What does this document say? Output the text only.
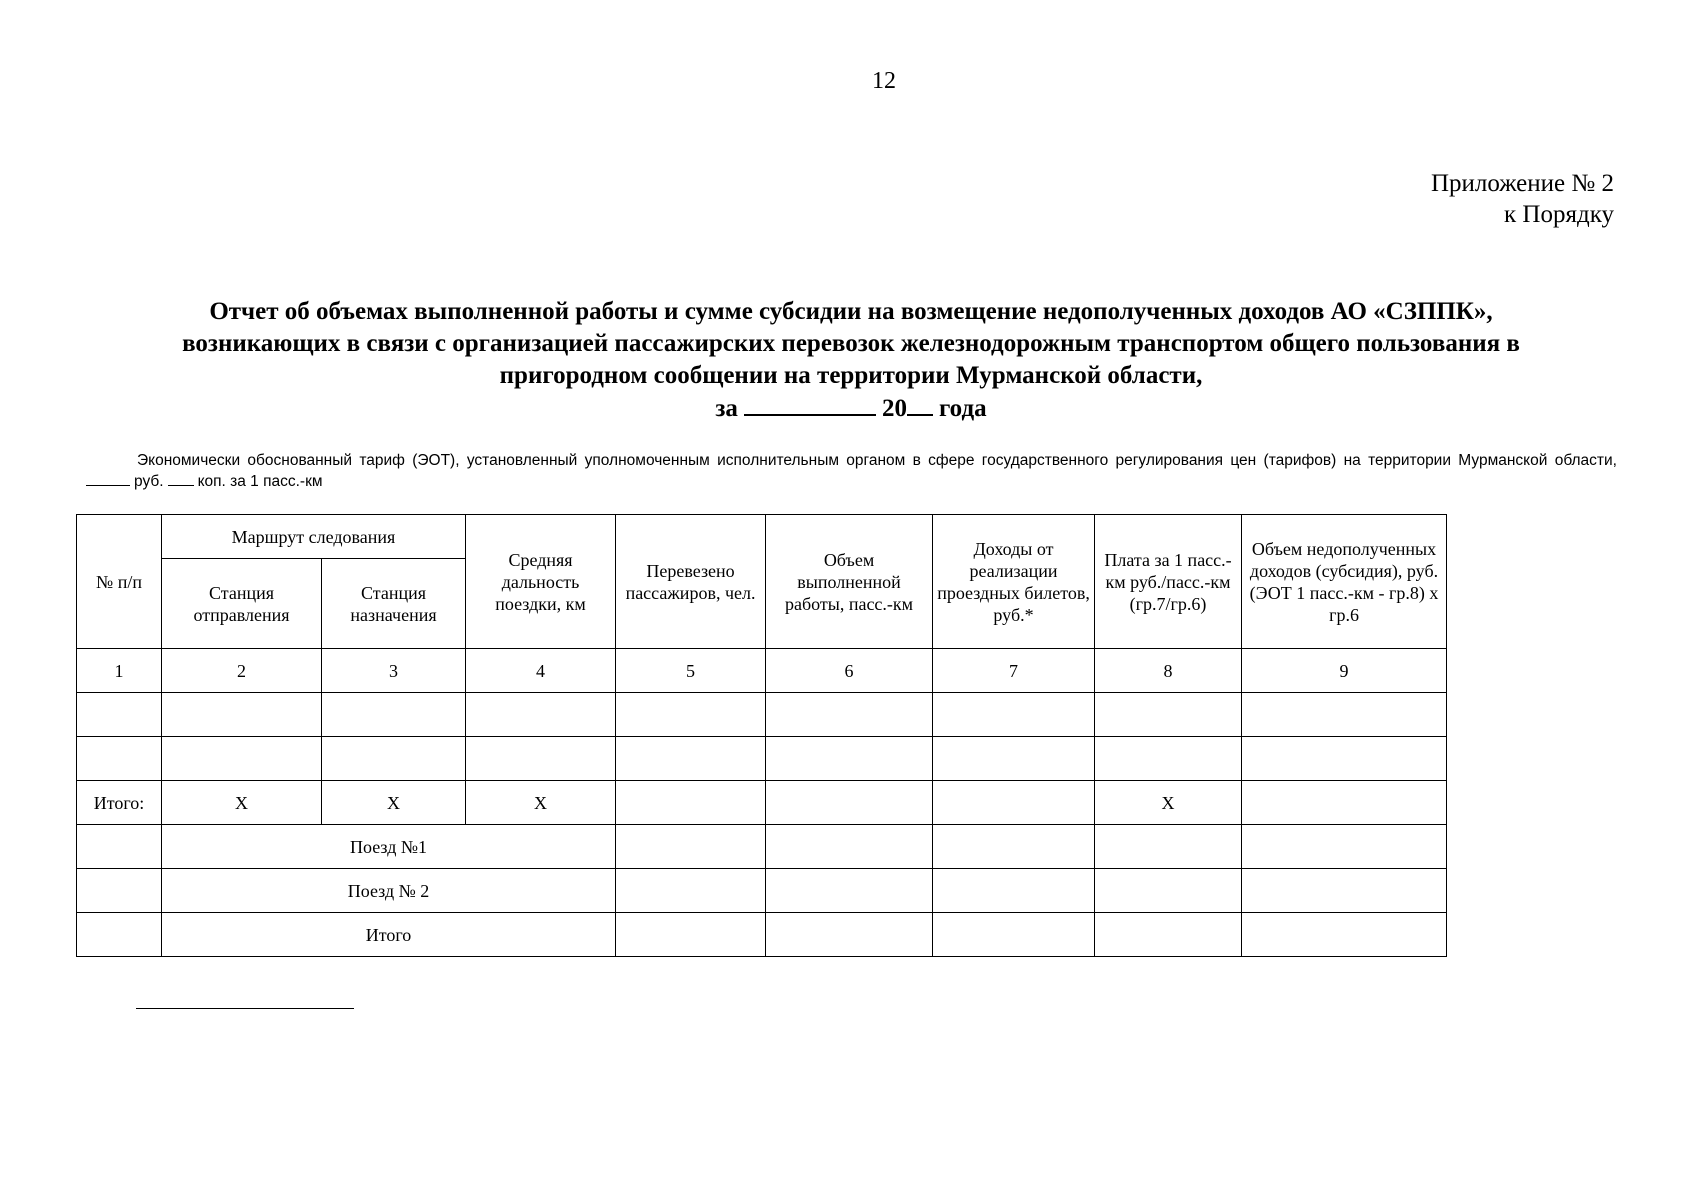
12
Приложение № 2
к Порядку
Отчет об объемах выполненной работы и сумме субсидии на возмещение недополученных доходов АО «СЗППК»,
возникающих в связи с организацией пассажирских перевозок железнодорожным транспортом общего пользования в
пригородном сообщении на территории Мурманской области,
за	20 года
Экономически обоснованный тариф (ЭОТ), установленный уполномоченным исполнительным органом в сфере государственного регулирования цен (тарифов) на территории Мурманской области,руб. коп. за 1 пасс.-км
№ п/п	Маршрут следования		Средняя дальность поездки, км	Перевезено пассажиров, чел.	Объем выполненной работы, пасс.-км	Доходы от реализации проездных билетов, руб.*	Плата за 1 пасс.-км руб./пасс.-км (гр.7/гр.6)	Объем недополученных доходов (субсидия), руб. (ЭОТ 1 пасс.-км - гр.8) х гр.6
	Станция отправления	Станция назначения						
1	2	3	4	5	6	7	8	9

Итого:	Х	Х	Х				Х	
	Поезд №1							
	Поезд № 2							
	Итого							
